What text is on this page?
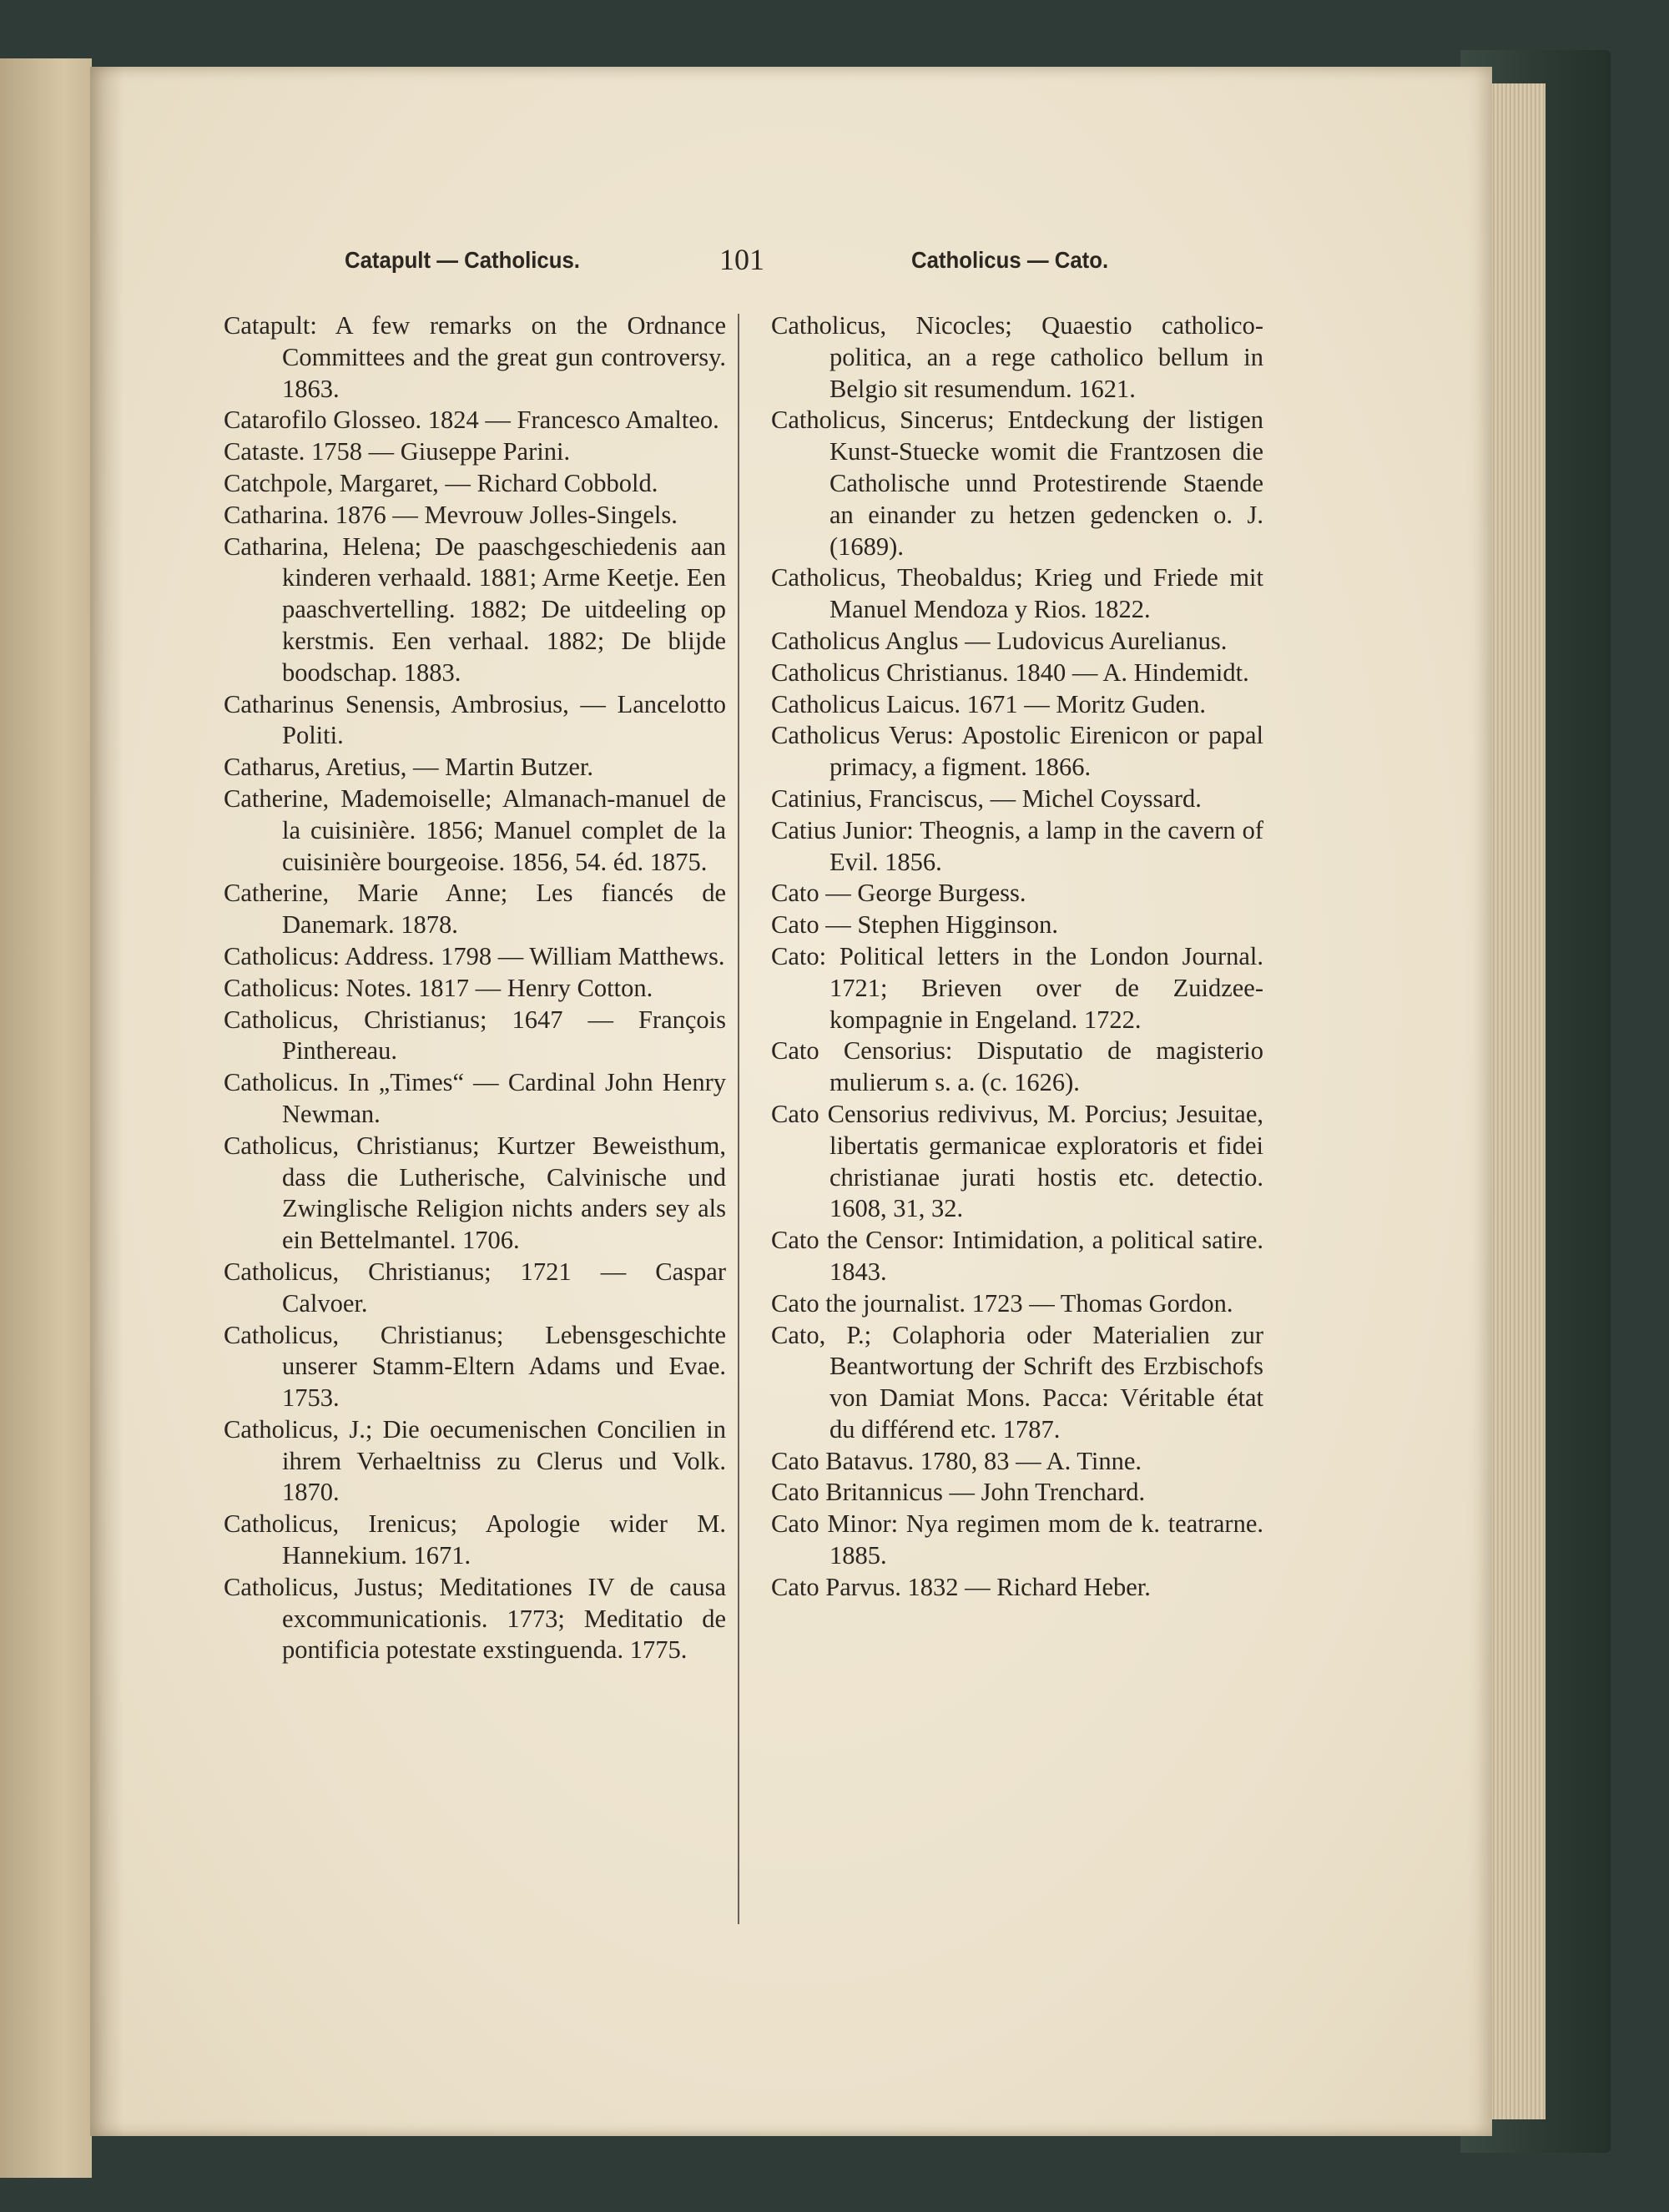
Catapult — Catholicus.	101	Catholicus — Cato.

Catapult: A few remarks on the Ordnance Committees and the great gun controversy. 1863.

Catarofilo Glosseo. 1824 — Francesco Amalteo.

Cataste. 1758 — Giuseppe Parini.

Catchpole, Margaret, — Richard Cobbold.

Catharina. 1876 — Mevrouw Jolles-Singels.

Catharina, Helena; De paaschgeschiedenis aan kinderen verhaald. 1881; Arme Keetje. Een paaschvertelling. 1882; De uitdeeling op kerstmis. Een verhaal. 1882; De blijde boodschap. 1883.

Catharinus Senensis, Ambrosius, — Lancelotto Politi.

Catharus, Aretius, — Martin Butzer.

Catherine, Mademoiselle; Almanach-manuel de la cuisinière. 1856; Manuel complet de la cuisinière bourgeoise. 1856, 54. éd. 1875.

Catherine, Marie Anne; Les fiancés de Danemark. 1878.

Catholicus: Address. 1798 — William Matthews.

Catholicus: Notes. 1817 — Henry Cotton.

Catholicus, Christianus; 1647 — François Pinthereau.

Catholicus. In „Times“ — Cardinal John Henry Newman.

Catholicus, Christianus; Kurtzer Beweisthum, dass die Lutherische, Calvinische und Zwinglische Religion nichts anders sey als ein Bettelmantel. 1706.

Catholicus, Christianus; 1721 — Caspar Calvoer.

Catholicus, Christianus; Lebensgeschichte unserer Stamm-Eltern Adams und Evae. 1753.

Catholicus, J.; Die oecumenischen Concilien in ihrem Verhaeltniss zu Clerus und Volk. 1870.

Catholicus, Irenicus; Apologie wider M. Hannekium. 1671.

Catholicus, Justus; Meditationes IV de causa excommunicationis. 1773; Meditatio de pontificia potestate exstinguenda. 1775.

Catholicus, Nicocles; Quaestio catholico-politica, an a rege catholico bellum in Belgio sit resumendum. 1621.

Catholicus, Sincerus; Entdeckung der listigen Kunst-Stuecke womit die Frantzosen die Catholische unnd Protestirende Staende an einander zu hetzen gedencken o. J. (1689).

Catholicus, Theobaldus; Krieg und Friede mit Manuel Mendoza y Rios. 1822.

Catholicus Anglus — Ludovicus Aurelianus.

Catholicus Christianus. 1840 — A. Hindemidt.

Catholicus Laicus. 1671 — Moritz Guden.

Catholicus Verus: Apostolic Eirenicon or papal primacy, a figment. 1866.

Catinius, Franciscus, — Michel Coyssard.

Catius Junior: Theognis, a lamp in the cavern of Evil. 1856.

Cato — George Burgess.

Cato — Stephen Higginson.

Cato: Political letters in the London Journal. 1721; Brieven over de Zuidzee-kompagnie in Engeland. 1722.

Cato Censorius: Disputatio de magisterio mulierum s. a. (c. 1626).

Cato Censorius redivivus, M. Porcius; Jesuitae, libertatis germanicae exploratoris et fidei christianae jurati hostis etc. detectio. 1608, 31, 32.

Cato the Censor: Intimidation, a political satire. 1843.

Cato the journalist. 1723 — Thomas Gordon.

Cato, P.; Colaphoria oder Materialien zur Beantwortung der Schrift des Erzbischofs von Damiat Mons. Pacca: Véritable état du différend etc. 1787.

Cato Batavus. 1780, 83 — A. Tinne.

Cato Britannicus — John Trenchard.

Cato Minor: Nya regimen mom de k. teatrarne. 1885.

Cato Parvus. 1832 — Richard Heber.
